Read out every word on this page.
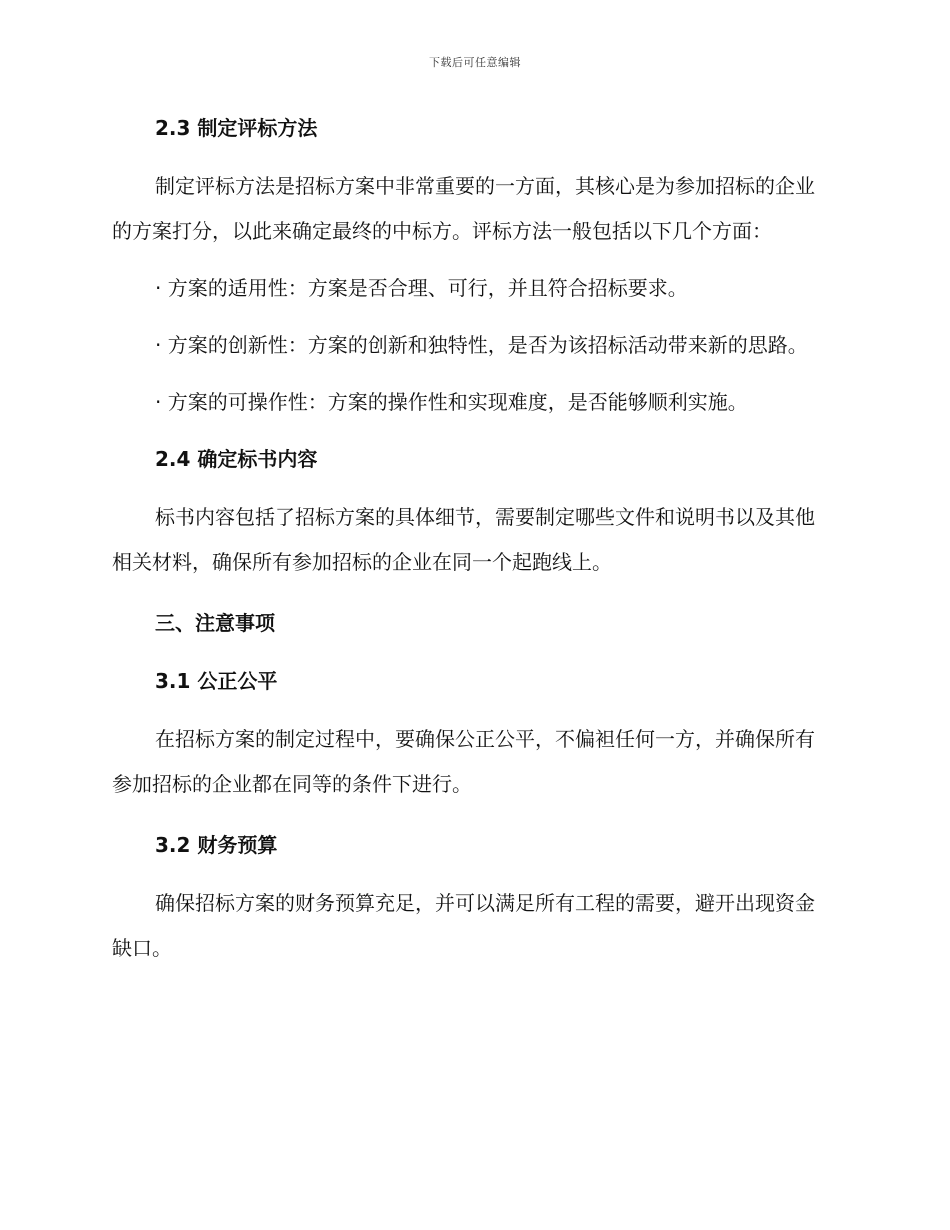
下载后可任意编辑
2.3 制定评标方法

制定评标方法是招标方案中非常重要的一方面，其核心是为参加招标的企业的方案打分，以此来确定最终的中标方。评标方法一般包括以下几个方面：

· 方案的适用性：方案是否合理、可行，并且符合招标要求。

· 方案的创新性：方案的创新和独特性，是否为该招标活动带来新的思路。

· 方案的可操作性：方案的操作性和实现难度，是否能够顺利实施。

2.4 确定标书内容

标书内容包括了招标方案的具体细节，需要制定哪些文件和说明书以及其他相关材料，确保所有参加招标的企业在同一个起跑线上。

三、注意事项
3.1 公正公平

在招标方案的制定过程中，要确保公正公平，不偏袒任何一方，并确保所有参加招标的企业都在同等的条件下进行。

3.2 财务预算

确保招标方案的财务预算充足，并可以满足所有工程的需要，避开出现资金缺口。
